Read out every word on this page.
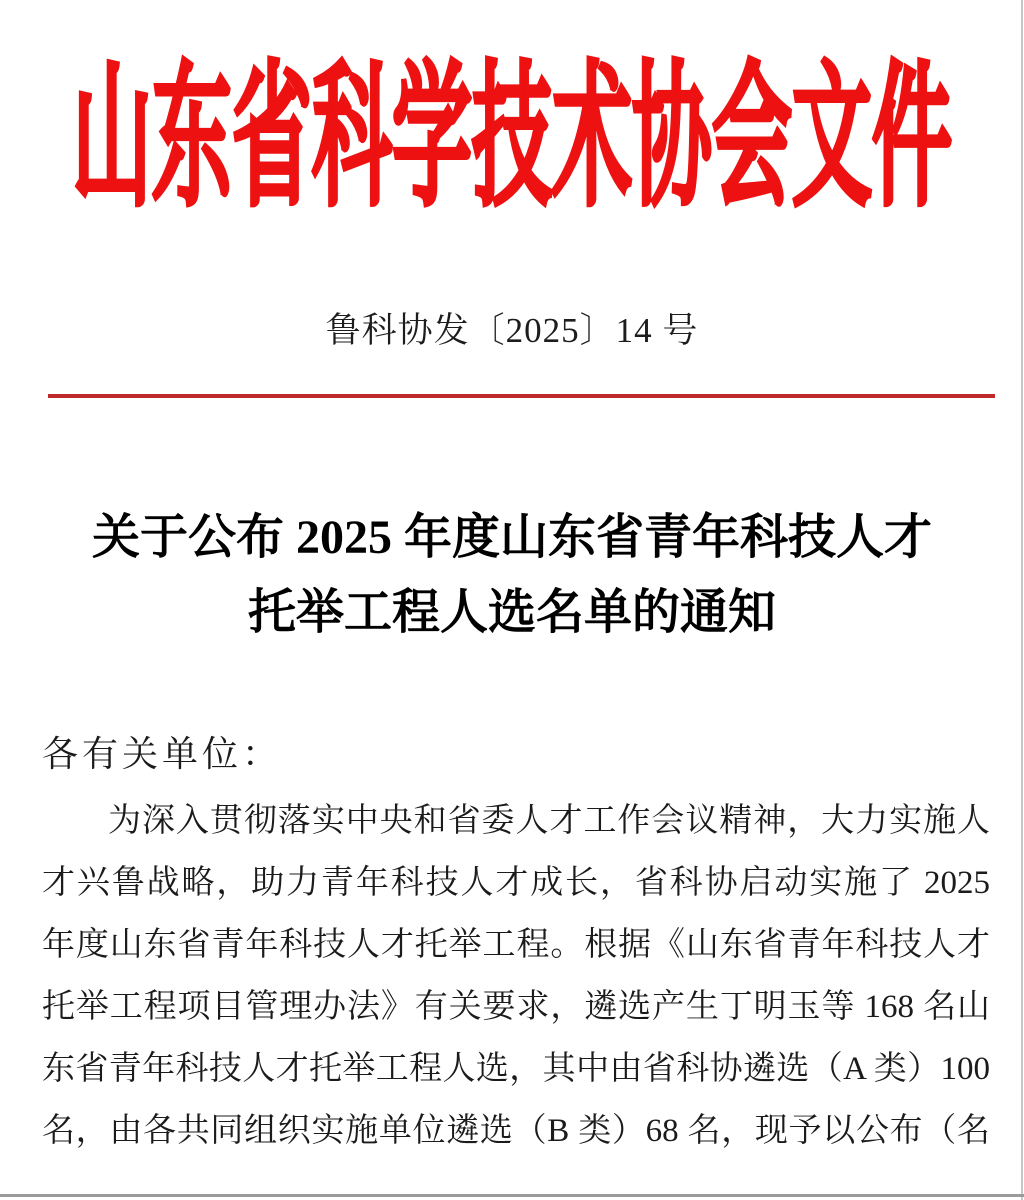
山东省科学技术协会文件
鲁科协发〔2025〕14 号
关于公布 2025 年度山东省青年科技人才
托举工程人选名单的通知
各有关单位：
为深入贯彻落实中央和省委人才工作会议精神，大力实施人
才兴鲁战略，助力青年科技人才成长，省科协启动实施了 2025
年度山东省青年科技人才托举工程。根据《山东省青年科技人才
托举工程项目管理办法》有关要求，遴选产生丁明玉等 168 名山
东省青年科技人才托举工程人选，其中由省科协遴选（A 类）100
名，由各共同组织实施单位遴选（B 类）68 名，现予以公布（名
